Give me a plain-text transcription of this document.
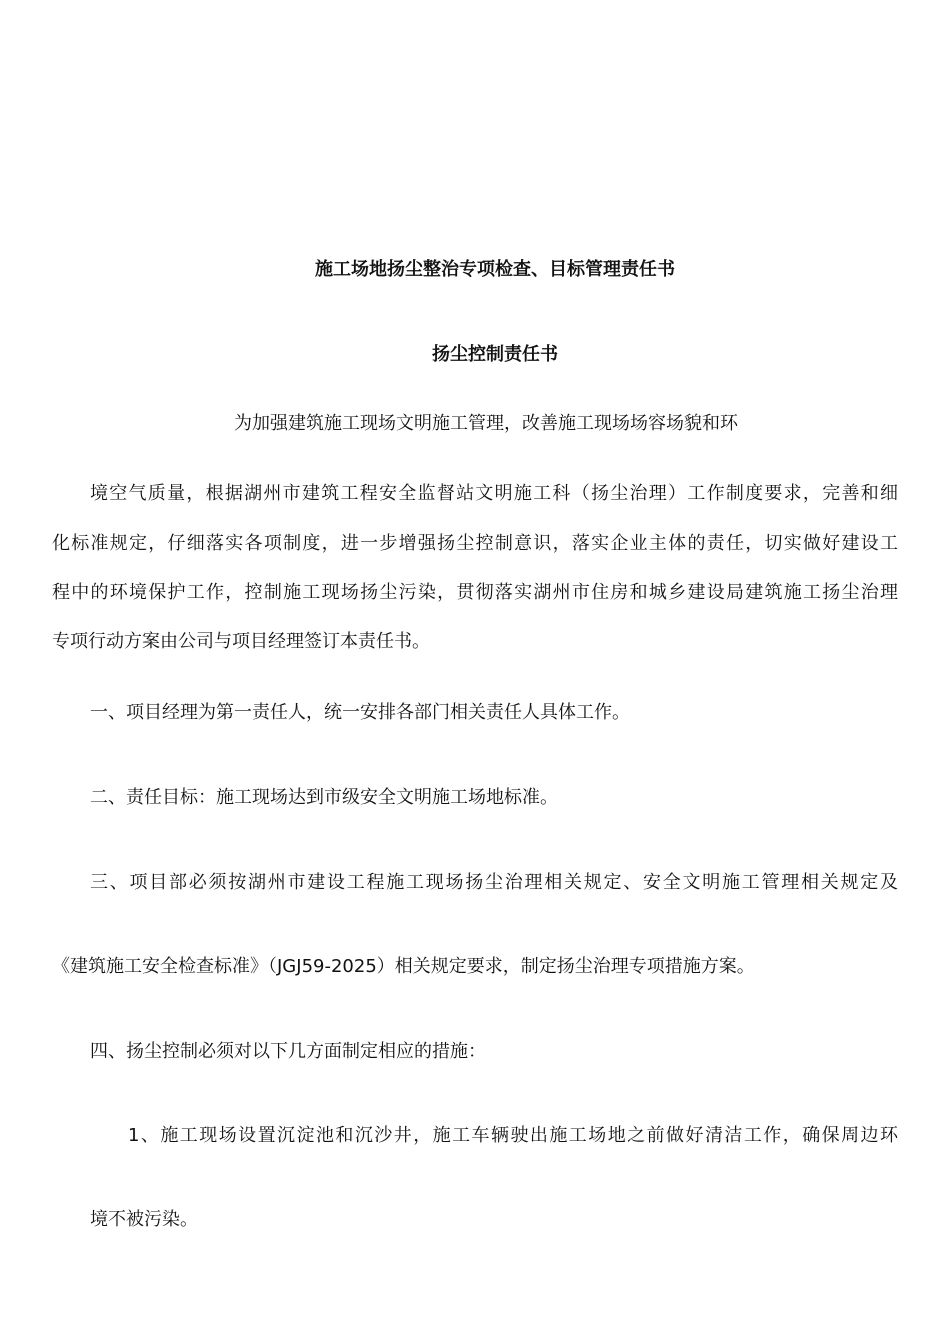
施工场地扬尘整治专项检查、目标管理责任书
扬尘控制责任书
为加强建筑施工现场文明施工管理，改善施工现场场容场貌和环
境空气质量，根据湖州市建筑工程安全监督站文明施工科（扬尘治理）工作制度要求，完善和细
化标准规定，仔细落实各项制度，进一步增强扬尘控制意识，落实企业主体的责任，切实做好建设工
程中的环境保护工作，控制施工现场扬尘污染，贯彻落实湖州市住房和城乡建设局建筑施工扬尘治理
专项行动方案由公司与项目经理签订本责任书。
一、项目经理为第一责任人，统一安排各部门相关责任人具体工作。
二、责任目标：施工现场达到市级安全文明施工场地标准。
三、项目部必须按湖州市建设工程施工现场扬尘治理相关规定、安全文明施工管理相关规定及
《建筑施工安全检查标准》（JGJ59-2025）相关规定要求，制定扬尘治理专项措施方案。
四、扬尘控制必须对以下几方面制定相应的措施：
1、施工现场设置沉淀池和沉沙井，施工车辆驶出施工场地之前做好清洁工作，确保周边环
境不被污染。
